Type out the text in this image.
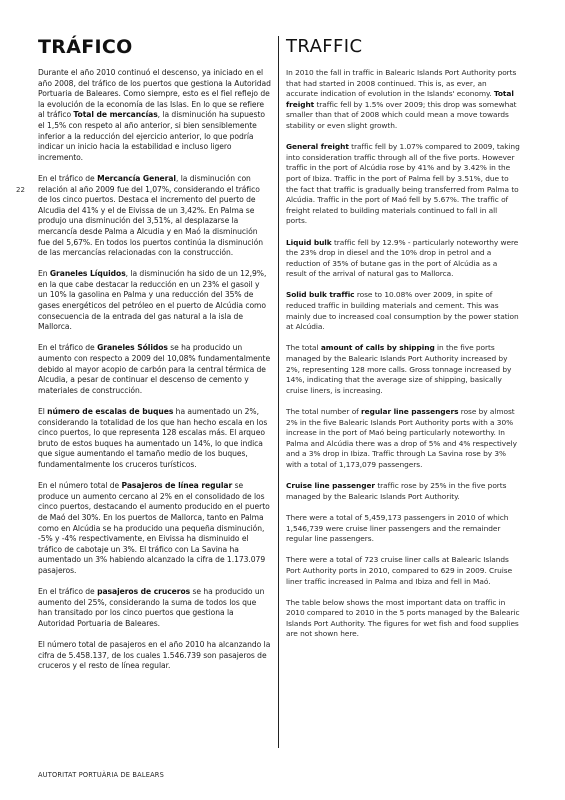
22
TRÁFICO

Durante el año 2010 continuó el descenso, ya iniciado en el año 2008, del tráfico de los puertos que gestiona la Autoridad Portuaria de Baleares. Como siempre, esto es el fiel reflejo de la evolución de la economía de las Islas. En lo que se refiere al tráfico Total de mercancías, la disminución ha supuesto el 1,5% con respeto al año anterior, si bien sensiblemente inferior a la reducción del ejercicio anterior, lo que podría indicar un inicio hacia la estabilidad e incluso ligero incremento.

En el tráfico de Mercancía General, la disminución con relación al año 2009 fue del 1,07%, considerando el tráfico de los cinco puertos. Destaca el incremento del puerto de Alcudia del 41% y el de Eivissa de un 3,42%. En Palma se produjo una disminución del 3,51%, al desplazarse la mercancía desde Palma a Alcudia y en Maó la disminución fue del 5,67%. En todos los puertos continúa la disminución de las mercancías relacionadas con la construcción.

En Graneles Líquidos, la disminución ha sido de un 12,9%, en la que cabe destacar la reducción en un 23% el gasoil y un 10% la gasolina en Palma y una reducción del 35% de gases energéticos del petróleo en el puerto de Alcúdia como consecuencia de la entrada del gas natural a la isla de Mallorca.

En el tráfico de Graneles Sólidos se ha producido un aumento con respecto a 2009 del 10,08% fundamentalmente debido al mayor acopio de carbón para la central térmica de Alcudia, a pesar de continuar el descenso de cemento y materiales de construcción.

El número de escalas de buques ha aumentado un 2%, considerando la totalidad de los que han hecho escala en los cinco puertos, lo que representa 128 escalas más. El arqueo bruto de estos buques ha aumentado un 14%, lo que indica que sigue aumentando el tamaño medio de los buques, fundamentalmente los cruceros turísticos.

En el número total de Pasajeros de línea regular se produce un aumento cercano al 2% en el consolidado de los cinco puertos, destacando el aumento producido en el puerto de Maó del 30%. En los puertos de Mallorca, tanto en Palma como en Alcúdia se ha producido una pequeña disminución, -5% y -4% respectivamente, en Eivissa ha disminuido el tráfico de cabotaje un 3%. El tráfico con La Savina ha aumentado un 3% habiendo alcanzado la cifra de 1.173.079 pasajeros.

En el tráfico de pasajeros de cruceros se ha producido un aumento del 25%, considerando la suma de todos los que han transitado por los cinco puertos que gestiona la Autoridad Portuaria de Baleares.

El número total de pasajeros en el año 2010 ha alcanzando la cifra de 5.458.137, de los cuales 1.546.739 son pasajeros de cruceros y el resto de línea regular.

TRAFFIC

In 2010 the fall in traffic in Balearic Islands Port Authority ports that had started in 2008 continued. This is, as ever, an accurate indication of evolution in the Islands' economy. Total freight traffic fell by 1.5% over 2009; this drop was somewhat smaller than that of 2008 which could mean a move towards stability or even slight growth.

General freight traffic fell by 1.07% compared to 2009, taking into consideration traffic through all of the five ports. However traffic in the port of Alcúdia rose by 41% and by 3.42% in the port of Ibiza. Traffic in the port of Palma fell by 3.51%, due to the fact that traffic is gradually being transferred from Palma to Alcúdia. Traffic in the port of Maó fell by 5.67%. The traffic of freight related to building materials continued to fall in all ports.

Liquid bulk traffic fell by 12.9% - particularly noteworthy were the 23% drop in diesel and the 10% drop in petrol and a reduction of 35% of butane gas in the port of Alcúdia as a result of the arrival of natural gas to Mallorca.

Solid bulk traffic rose to 10.08% over 2009, in spite of reduced traffic in building materials and cement. This was mainly due to increased coal consumption by the power station at Alcúdia.

The total amount of calls by shipping in the five ports managed by the Balearic Islands Port Authority increased by 2%, representing 128 more calls. Gross tonnage increased by 14%, indicating that the average size of shipping, basically cruise liners, is increasing.

The total number of regular line passengers rose by almost 2% in the five Balearic Islands Port Authority ports with a 30% increase in the port of Maó being particularly noteworthy. In Palma and Alcúdia there was a drop of 5% and 4% respectively and a 3% drop in Ibiza. Traffic through La Savina rose by 3% with a total of 1,173,079 passengers.

Cruise line passenger traffic rose by 25% in the five ports managed by the Balearic Islands Port Authority.

There were a total of 5,459,173 passengers in 2010 of which 1,546,739 were cruise liner passengers and the remainder regular line passengers.

There were a total of 723 cruise liner calls at Balearic Islands Port Authority ports in 2010, compared to 629 in 2009. Cruise liner traffic increased in Palma and Ibiza and fell in Maó.

The table below shows the most important data on traffic in 2010 compared to 2010 in the 5 ports managed by the Balearic Islands Port Authority. The figures for wet fish and food supplies are not shown here.

AUTORITAT PORTUÀRIA DE BALEARS
